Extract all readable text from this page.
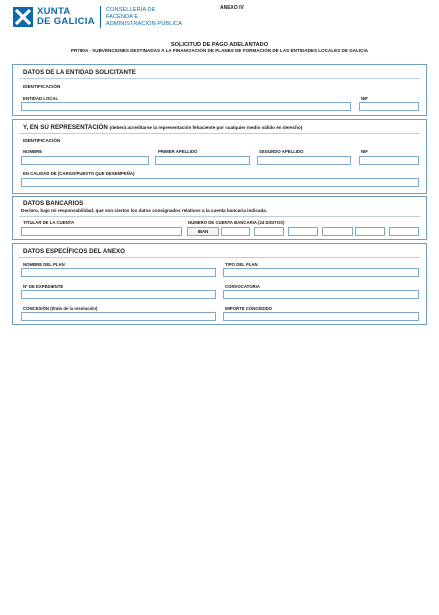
XUNTA
DE GALICIA
CONSELLERÍA DE
FACENDA E
ADMINISTRACIÓN PÚBLICA
ANEXO IV
SOLICITUD DE PAGO ADELANTADO
PR780A - SUBVENCIONES DESTINADAS A LA FINANCIACIÓN DE PLANES DE FORMACIÓN DE LAS ENTIDADES LOCALES DE GALICIA
DATOS DE LA ENTIDAD SOLICITANTE
IDENTIFICACIÓN
ENTIDAD LOCAL	NIF
Y, EN SU REPRESENTACIÓN (deberá acreditarse la representación fehaciente por cualquier medio válido en derecho)
IDENTIFICACIÓN
NOMBRE	PRIMER APELLIDO	SEGUNDO APELLIDO	NIF
EN CALIDAD DE (CARGO/PUESTO QUE DESEMPEÑA)
DATOS BANCARIOS
Declaro, bajo mi responsabilidad, que son ciertos los datos consignados relativos a la cuenta bancaria indicada.
TITULAR DE LA CUENTA	NÚMERO DE CUENTA BANCARIA (24 DÍGITOS)
IBAN
DATOS ESPECÍFICOS DEL ANEXO
NOMBRE DEL PLAN	TIPO DEL PLAN
Nº DE EXPEDIENTE	CONVOCATORIA
CONCESIÓN (título de la resolución)	IMPORTE CONCEDIDO
